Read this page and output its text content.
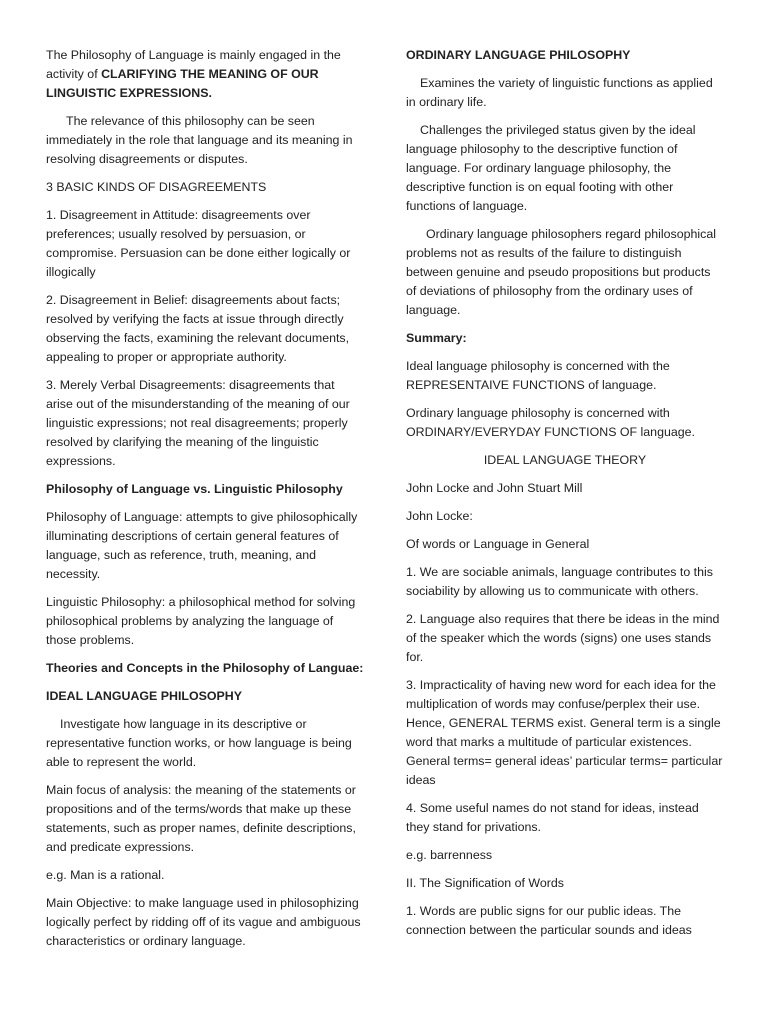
The Philosophy of Language is mainly engaged in the activity of CLARIFYING THE MEANING OF OUR LINGUISTIC EXPRESSIONS.

The relevance of this philosophy can be seen immediately in the role that language and its meaning in resolving disagreements or disputes.

3 BASIC KINDS OF DISAGREEMENTS

1. Disagreement in Attitude: disagreements over preferences; usually resolved by persuasion, or compromise. Persuasion can be done either logically or illogically

2. Disagreement in Belief: disagreements about facts; resolved by verifying the facts at issue through directly observing the facts, examining the relevant documents, appealing to proper or appropriate authority.

3. Merely Verbal Disagreements: disagreements that arise out of the misunderstanding of the meaning of our linguistic expressions; not real disagreements; properly resolved by clarifying the meaning of the linguistic expressions.

Philosophy of Language vs. Linguistic Philosophy

Philosophy of Language: attempts to give philosophically illuminating descriptions of certain general features of language, such as reference, truth, meaning, and necessity.

Linguistic Philosophy: a philosophical method for solving philosophical problems by analyzing the language of those problems.

Theories and Concepts in the Philosophy of Languae:

IDEAL LANGUAGE PHILOSOPHY

Investigate how language in its descriptive or representative function works, or how language is being able to represent the world.

Main focus of analysis: the meaning of the statements or propositions and of the terms/words that make up these statements, such as proper names, definite descriptions, and predicate expressions.

e.g. Man is a rational.

Main Objective: to make language used in philosophizing logically perfect by ridding off of its vague and ambiguous characteristics or ordinary language.

ORDINARY LANGUAGE PHILOSOPHY

Examines the variety of linguistic functions as applied in ordinary life.

Challenges the privileged status given by the ideal language philosophy to the descriptive function of language. For ordinary language philosophy, the descriptive function is on equal footing with other functions of language.

Ordinary language philosophers regard philosophical problems not as results of the failure to distinguish between genuine and pseudo propositions but products of deviations of philosophy from the ordinary uses of language.

Summary:

Ideal language philosophy is concerned with the REPRESENTAIVE FUNCTIONS of language.

Ordinary language philosophy is concerned with ORDINARY/EVERYDAY FUNCTIONS OF language.

IDEAL LANGUAGE THEORY

John Locke and John Stuart Mill

John Locke:

Of words or Language in General

1. We are sociable animals, language contributes to this sociability by allowing us to communicate with others.

2. Language also requires that there be ideas in the mind of the speaker which the words (signs) one uses stands for.

3. Impracticality of having new word for each idea for the multiplication of words may confuse/perplex their use. Hence, GENERAL TERMS exist. General term is a single word that marks a multitude of particular existences. General terms= general ideas’ particular terms= particular ideas

4. Some useful names do not stand for ideas, instead they stand for privations.

e.g. barrenness

II. The Signification of Words

1. Words are public signs for our public ideas. The connection between the particular sounds and ideas
